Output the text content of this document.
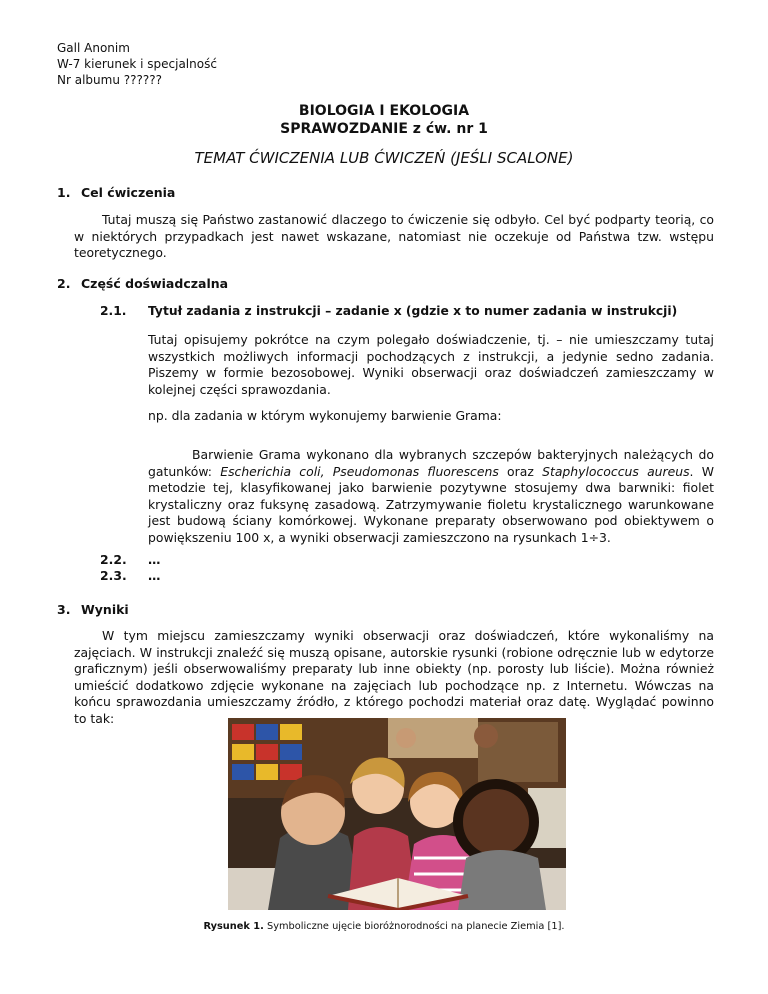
Gall Anonim
W-7 kierunek i specjalność
Nr albumu ??????
BIOLOGIA I EKOLOGIA
SPRAWOZDANIE z ćw. nr 1
TEMAT ĆWICZENIA LUB ĆWICZEŃ (JEŚLI SCALONE)
1. Cel ćwiczenia
Tutaj muszą się Państwo zastanowić dlaczego to ćwiczenie się odbyło. Cel być podparty teorią, co w niektórych przypadkach jest nawet wskazane, natomiast nie oczekuje od Państwa tzw. wstępu teoretycznego.
2. Część doświadczalna
2.1. Tytuł zadania z instrukcji – zadanie x (gdzie x to numer zadania w instrukcji)
Tutaj opisujemy pokrótce na czym polegało doświadczenie, tj. – nie umieszczamy tutaj wszystkich możliwych informacji pochodzących z instrukcji, a jedynie sedno zadania. Piszemy w formie bezosobowej. Wyniki obserwacji oraz doświadczeń zamieszczamy w kolejnej części sprawozdania.
np. dla zadania w którym wykonujemy barwienie Grama:
Barwienie Grama wykonano dla wybranych szczepów bakteryjnych należących do gatunków: Escherichia coli, Pseudomonas fluorescens oraz Staphylococcus aureus. W metodzie tej, klasyfikowanej jako barwienie pozytywne stosujemy dwa barwniki: fiolet krystaliczny oraz fuksynę zasadową. Zatrzymywanie fioletu krystalicznego warunkowane jest budową ściany komórkowej. Wykonane preparaty obserwowano pod obiektywem o powiększeniu 100 x, a wyniki obserwacji zamieszczono na rysunkach 1÷3.
2.2. …
2.3. …
3. Wyniki
W tym miejscu zamieszczamy wyniki obserwacji oraz doświadczeń, które wykonaliśmy na zajęciach. W instrukcji znaleźć się muszą opisane, autorskie rysunki (robione odręcznie lub w edytorze graficznym) jeśli obserwowaliśmy preparaty lub inne obiekty (np. porosty lub liście). Można również umieścić dodatkowo zdjęcie wykonane na zajęciach lub pochodzące np. z Internetu. Wówczas na końcu sprawozdania umieszczamy źródło, z którego pochodzi materiał oraz datę. Wyglądać powinno to tak:
Rysunek 1. Symboliczne ujęcie bioróżnorodności na planecie Ziemia [1].
